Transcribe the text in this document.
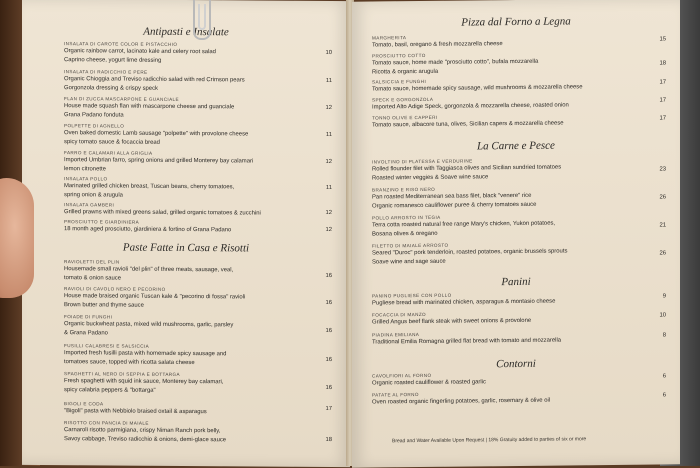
Antipasti e Insalate
INSALATA DI CAROTE COLOR E PISTACCHIO
Organic rainbow carrot, lacinato kale and celery root salad
Caprino cheese, yogurt lime dressing
10
INSALATA DI RADICCHIO E PERE
Organic Chioggia and Treviso radicchio salad with red Crimson pears
Gorgonzola dressing & crispy speck
11
FLAN DI ZUCCA MASCARPONE E GUANCIALE
House made squash flan with mascarpone cheese and guanciale
Grana Padano fonduta
12
POLPETTE DI AGNELLO
Oven baked domestic Lamb sausage "polpette" with provolone cheese
spicy tomato sauce & focaccia bread
11
FARRO E CALAMARI ALLA GRIGLIA
Imported Umbrian farro, spring onions and grilled Monterey bay calamari
lemon citronette
12
INSALATA POLLO
Marinated grilled chicken breast, Tuscan beans, cherry tomatoes,
spring onion & arugula
11
INSALATA GAMBERI
Grilled prawns with mixed greens salad, grilled organic tomatoes & zucchini	12
PROSCIUTTO E GIARDINIERA
18 month aged prosciutto, giardiniera & fortino of Grana Padano	12
Paste Fatte in Casa e Risotti
RAVIOLETTI DEL PLIN
Housemade small ravioli "del plin" of three meats, sausage, veal,
tomato & onion sauce	16
RAVIOLI DI CAVOLO NERO E PECORINO
House made braised organic Tuscan kale & "pecorino di fossa" ravioli
Brown butter and thyme sauce	16
FOIADE DI FUNGHI
Organic buckwheat pasta, mixed wild mushrooms, garlic, parsley
& Grana Padano	16
FUSILLI CALABRESI E SALSICCIA
Imported fresh fusilli pasta with homemade spicy sausage and
tomatoes sauce, topped with ricotta salata cheese	16
SPAGHETTI AL NERO DI SEPPIA E BOTTARGA
Fresh spaghetti with squid ink sauce, Monterey bay calamari,
spicy calabria peppers & "bottarga"	16
BIGOLI E CODA
"Bigoli" pasta with Nebbiolo braised oxtail & asparagus	17
RISOTTO CON PANCIA DI MAIALE
Carnaroli risotto parmigiana, crispy Niman Ranch pork belly,
Savoy cabbage, Treviso radicchio & onions, demi-glace sauce	18
Pizza dal Forno a Legna
MARGHERITA
Tomato, basil, oregano & fresh mozzarella cheese
15
PROSCIUTTO COTTO
Tomato sauce, home made "prosciutto cotto", bufala mozzarella
Ricotta & organic arugula
18
SALSICCIA E FUNGHI
Tomato sauce, homemade spicy sausage, wild mushrooms & mozzarella cheese
17
SPECK E GORGONZOLA
Imported Alto Adige Speck, gorgonzola & mozzarella cheese, roasted onion
17
TONNO OLIVE E CAPPERI
Tomato sauce, albacore tuna, olives, Sicilian capers & mozzarella cheese
17
La Carne e Pesce
INVOLTINO DI PLATESSA E VERDURINE
Rolled flounder filet with Taggiasca olives and Sicilian sundried tomatoes
Roasted winter veggies & Soave wine sauce
23
BRANZINO E RISO NERO
Pan roasted Mediterranean sea bass filet, black "venere" rice
Organic romanesco cauliflower puree & cherry tomatoes sauce
26
POLLO ARROSTO IN TEGIA
Terra cotta roasted natural free range Mary's chicken, Yukon potatoes,
Bosana olives & oregano
21
FILETTO DI MAIALE ARROSTO
Seared "Duroc" pork tenderloin, roasted potatoes, organic brussels sprouts
Soave wine and sage sauce
26
Panini
PANINO PUGLIESE CON POLLO
Pugliese bread with marinated chicken, asparagus & montasio cheese
9
FOCACCIA DI MANZO
Grilled Angus beef flank steak with sweet onions & provolone
10
PIADINA EMILIANA
Traditional Emilia Romagna grilled flat bread with tomato and mozzarella
8
Contorni
CAVOLFIORI AL FORNO
Organic roasted cauliflower & roasted garlic
6
PATATE AL FORNO
Oven roasted organic fingerling potatoes, garlic, rosemary & olive oil
6
Bread and Water Available Upon Request | 18% Gratuity added to parties of six or more
